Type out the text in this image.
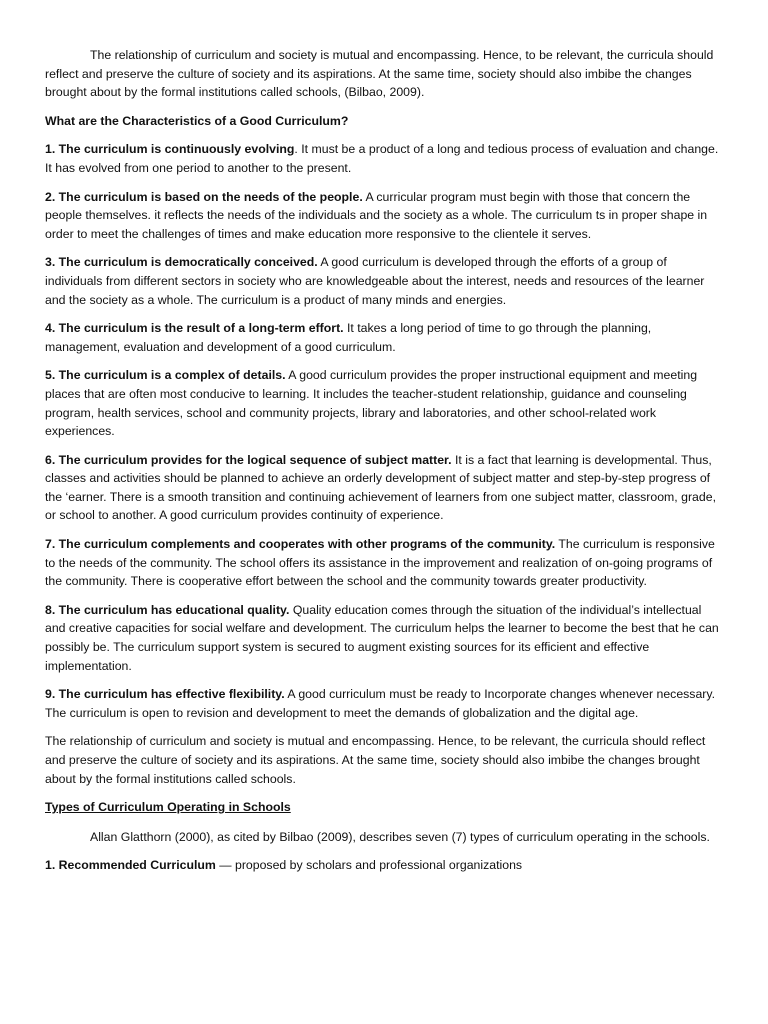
The relationship of curriculum and society is mutual and encompassing. Hence, to be relevant, the curricula should reflect and preserve the culture of society and its aspirations. At the same time, society should also imbibe the changes brought about by the formal institutions called schools, (Bilbao, 2009).

What are the Characteristics of a Good Curriculum?

1. The curriculum is continuously evolving. It must be a product of a long and tedious process of evaluation and change. It has evolved from one period to another to the present.

2. The curriculum is based on the needs of the people. A curricular program must begin with those that concern the people themselves. it reflects the needs of the individuals and the society as a whole. The curriculum ts in proper shape in order to meet the challenges of times and make education more responsive to the clientele it serves.

3. The curriculum is democratically conceived. A good curriculum is developed through the efforts of a group of individuals from different sectors in society who are knowledgeable about the interest, needs and resources of the learner and the society as a whole. The curriculum is a product of many minds and energies.

4. The curriculum is the result of a long-term effort. It takes a long period of time to go through the planning, management, evaluation and development of a good curriculum.

5. The curriculum is a complex of details. A good curriculum provides the proper instructional equipment and meeting places that are often most conducive to learning. It includes the teacher-student relationship, guidance and counseling program, health services, school and community projects, library and laboratories, and other school-related work experiences.

6. The curriculum provides for the logical sequence of subject matter. It is a fact that learning is developmental. Thus, classes and activities should be planned to achieve an orderly development of subject matter and step-by-step progress of the ‘earner. There is a smooth transition and continuing achievement of learners from one subject matter, classroom, grade, or school to another. A good curriculum provides continuity of experience.

7. The curriculum complements and cooperates with other programs of the community. The curriculum is responsive to the needs of the community. The school offers its assistance in the improvement and realization of on-going programs of the community. There is cooperative effort between the school and the community towards greater productivity.

8. The curriculum has educational quality. Quality education comes through the situation of the individual’s intellectual and creative capacities for social welfare and development. The curriculum helps the learner to become the best that he can possibly be. The curriculum support system is secured to augment existing sources for its efficient and effective implementation.

9. The curriculum has effective flexibility. A good curriculum must be ready to Incorporate changes whenever necessary. The curriculum is open to revision and development to meet the demands of globalization and the digital age.

The relationship of curriculum and society is mutual and encompassing. Hence, to be relevant, the curricula should reflect and preserve the culture of society and its aspirations. At the same time, society should also imbibe the changes brought about by the formal institutions called schools.

Types of Curriculum Operating in Schools

Allan Glatthorn (2000), as cited by Bilbao (2009), describes seven (7) types of curriculum operating in the schools.

1. Recommended Curriculum — proposed by scholars and professional organizations
